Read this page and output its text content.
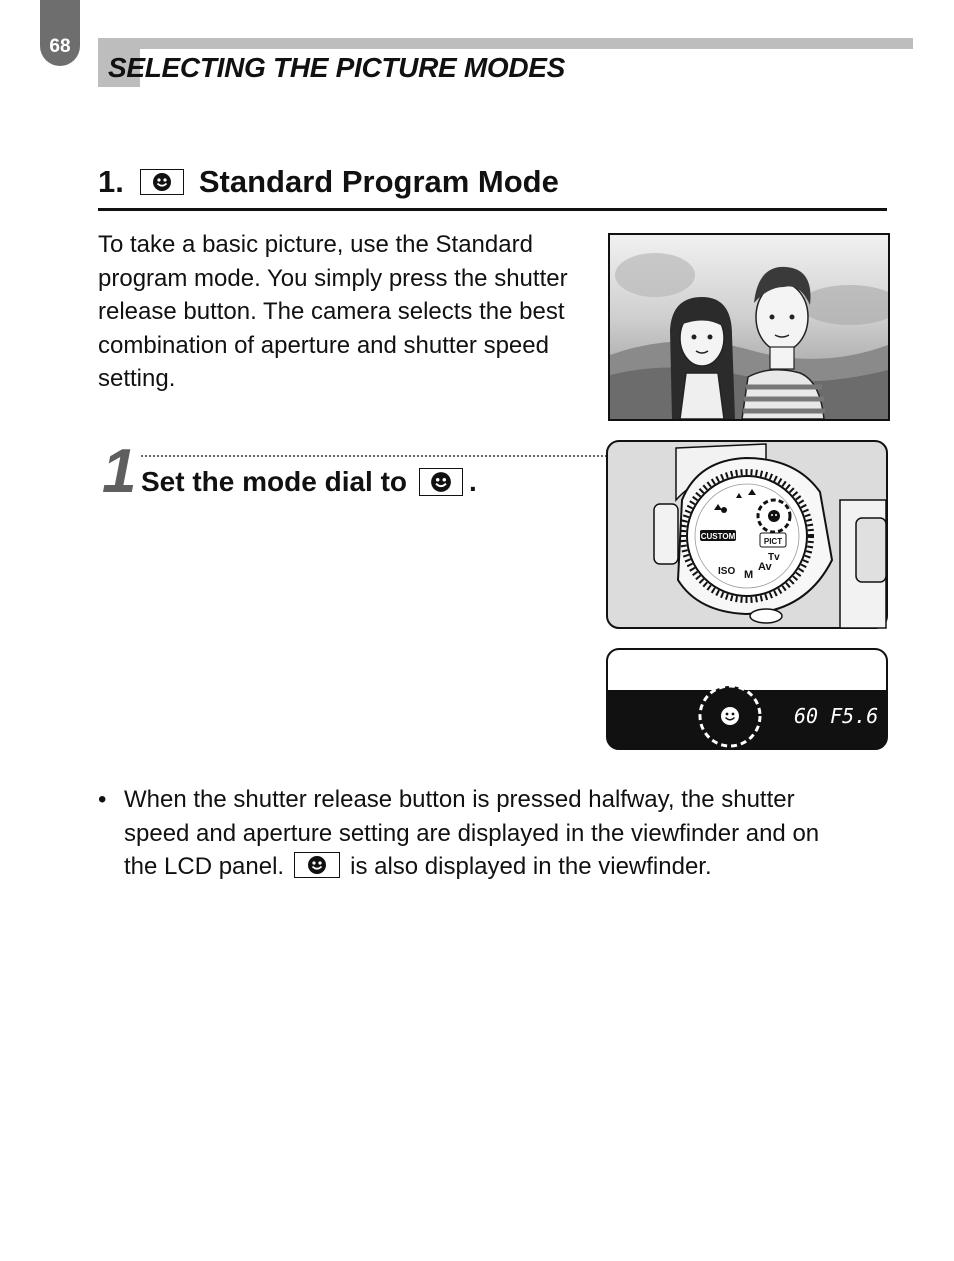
68
SELECTING THE PICTURE MODES
1. Standard Program Mode
To take a basic picture, use the Standard program mode. You simply press the shutter release button. The camera selects the best combination of aperture and shutter speed setting.
1 Set the mode dial to .
CUSTOM
PICT
ISO M
Av
Tv
60 F5.6
• When the shutter release button is pressed halfway, the shutter speed and aperture setting are displayed in the viewfinder and on the LCD panel.	is also displayed in the viewfinder.
